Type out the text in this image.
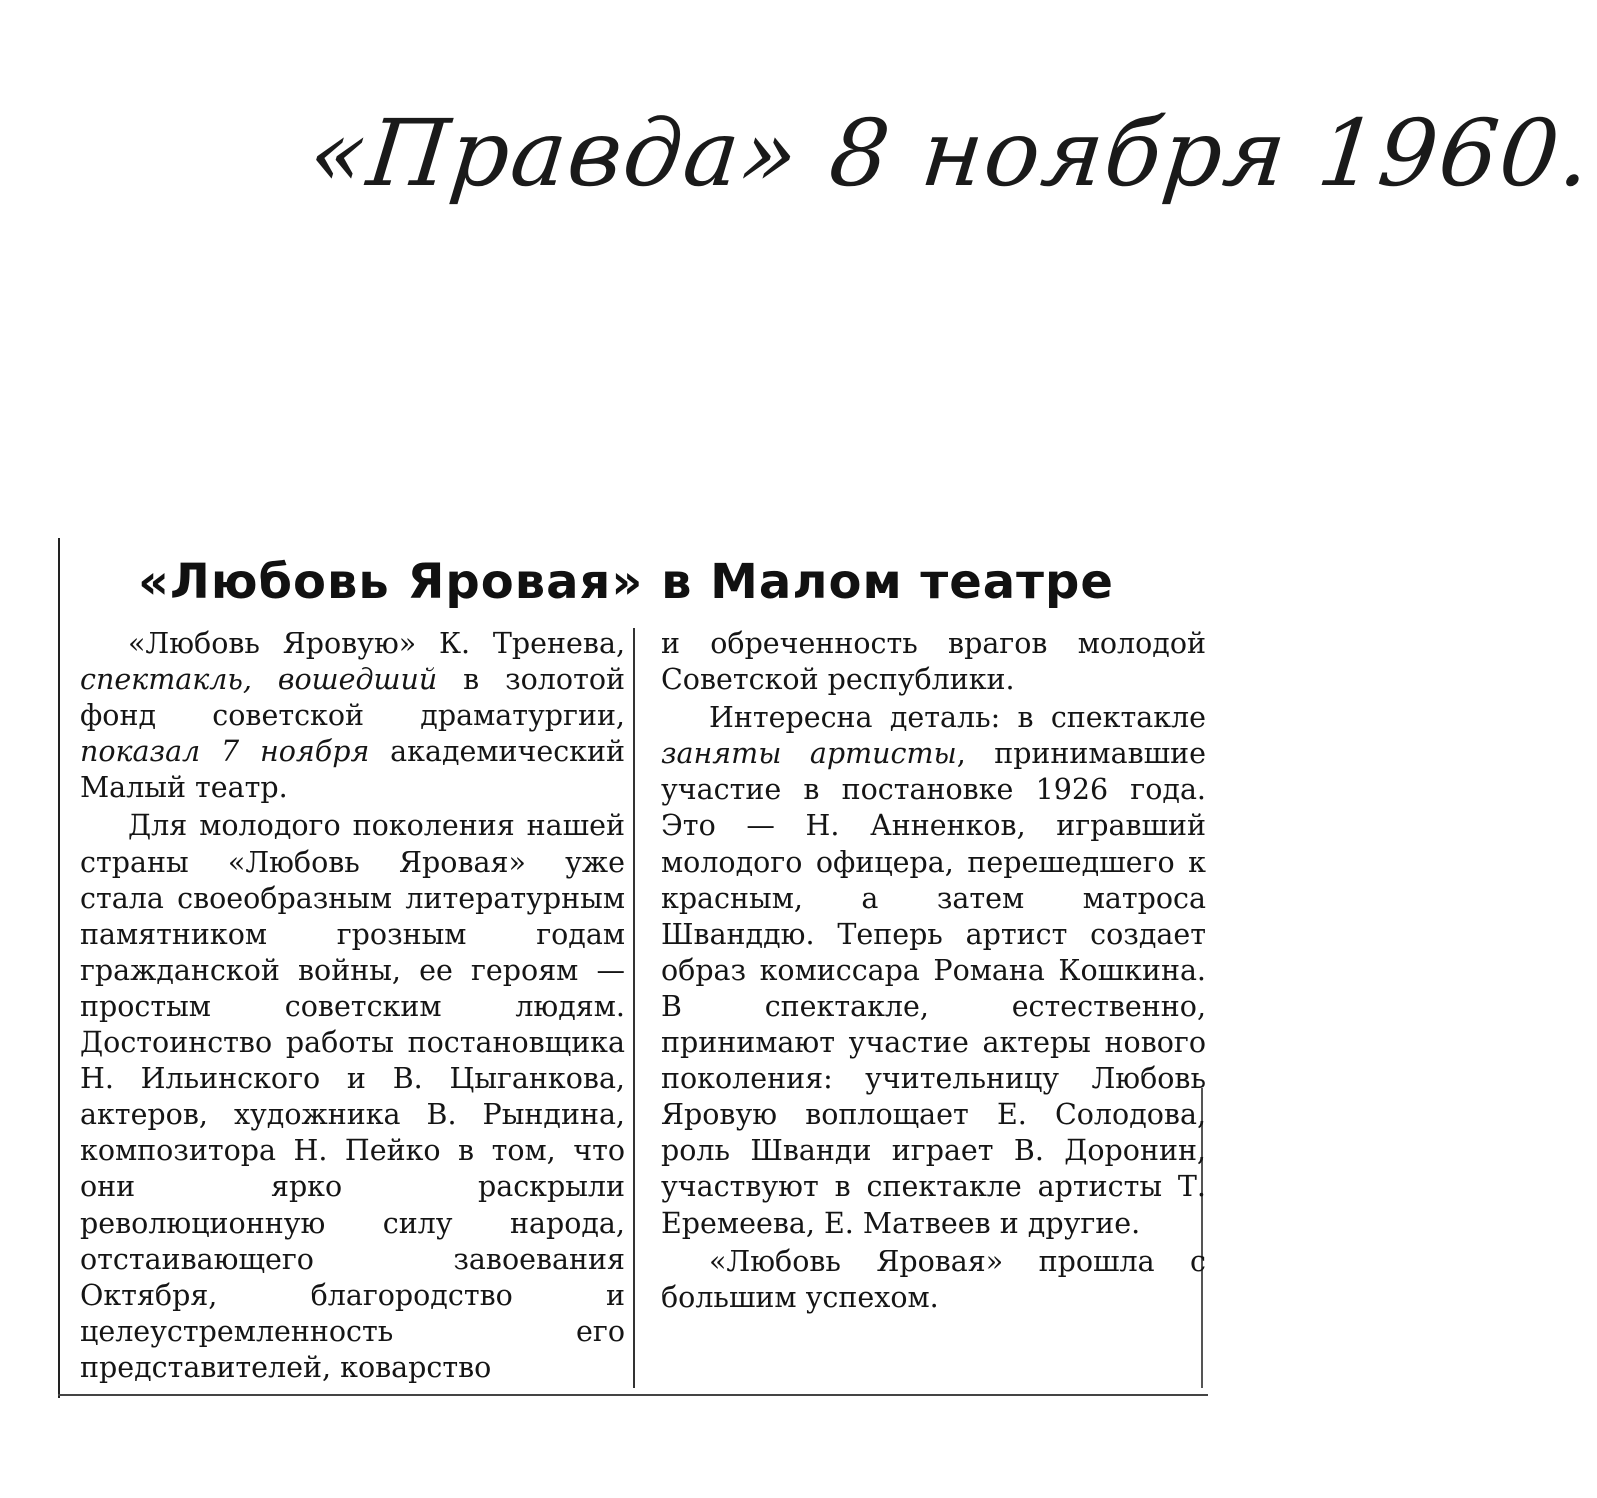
«Правда» 8 ноября 1960.
«Любовь Яровая» в Малом театре

«Любовь Яровую» К. Тренева, спектакль, вошедший в золотой фонд советской драматургии, показал 7 ноября академический Малый театр.

Для молодого поколения нашей страны «Любовь Яровая» уже стала своеобразным литературным памятником грозным годам гражданской войны, ее героям — простым советским людям. Достоинство работы постановщика Н. Ильинского и В. Цыганкова, актеров, художника В. Рындина, композитора Н. Пейко в том, что они ярко раскрыли революционную силу народа, отстаивающего завоевания Октября, благородство и целеустремленность его представителей, коварство

и обреченность врагов молодой Советской республики.

Интересна деталь: в спектакле заняты артисты, принимавшие участие в постановке 1926 года. Это — Н. Анненков, игравший молодого офицера, перешедшего к красным, а затем матроса Шванддю. Теперь артист создает образ комиссара Романа Кошкина. В спектакле, естественно, принимают участие актеры нового поколения: учительницу Любовь Яровую воплощает Е. Солодова, роль Шванди играет В. Доронин, участвуют в спектакле артисты Т. Еремеева, Е. Матвеев и другие.

«Любовь Яровая» прошла с большим успехом.
